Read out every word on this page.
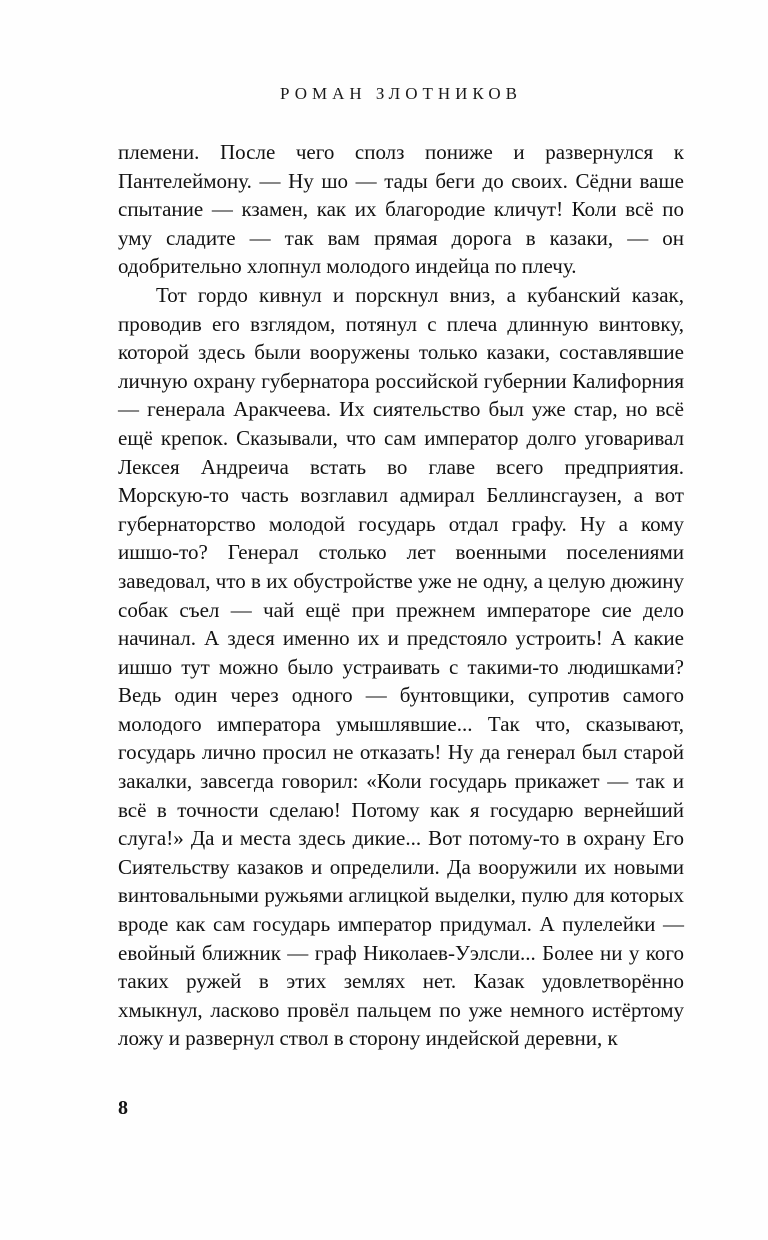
РОМАН ЗЛОТНИКОВ

племени. После чего сполз пониже и развернулся к Пантелеймону. — Ну шо — тады беги до своих. Сёдни ваше спытание — кзамен, как их благородие кличут! Коли всё по уму сладите — так вам прямая дорога в казаки, — он одобрительно хлопнул молодого индейца по плечу.

Тот гордо кивнул и порскнул вниз, а кубанский казак, проводив его взглядом, потянул с плеча длинную винтовку, которой здесь были вооружены только казаки, составлявшие личную охрану губернатора российской губернии Калифорния — генерала Аракчеева. Их сиятельство был уже стар, но всё ещё крепок. Сказывали, что сам император долго уговаривал Лексея Андреича встать во главе всего предприятия. Морскую-то часть возглавил адмирал Беллинсгаузен, а вот губернаторство молодой государь отдал графу. Ну а кому ишшо-то? Генерал столько лет военными поселениями заведовал, что в их обустройстве уже не одну, а целую дюжину собак съел — чай ещё при прежнем императоре сие дело начинал. А здеся именно их и предстояло устроить! А какие ишшо тут можно было устраивать с такими-то людишками? Ведь один через одного — бунтовщики, супротив самого молодого императора умышлявшие... Так что, сказывают, государь лично просил не отказать! Ну да генерал был старой закалки, завсегда говорил: «Коли государь прикажет — так и всё в точности сделаю! Потому как я государю вернейший слуга!» Да и места здесь дикие... Вот потому-то в охрану Его Сиятельству казаков и определили. Да вооружили их новыми винтовальными ружьями аглицкой выделки, пулю для которых вроде как сам государь император придумал. А пулелейки — евойный ближник — граф Николаев-Уэлсли... Более ни у кого таких ружей в этих землях нет. Казак удовлетворённо хмыкнул, ласково провёл пальцем по уже немного истёртому ложу и развернул ствол в сторону индейской деревни, к

8
